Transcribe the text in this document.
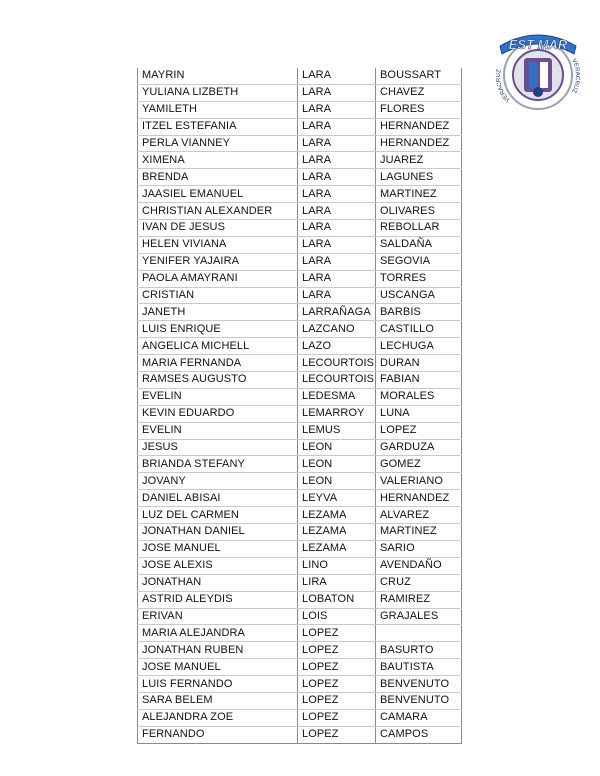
VERACRUZ
VERACRUZ
EST MAR
MAYRIN	LARA	BOUSSART
YULIANA LIZBETH	LARA	CHAVEZ
YAMILETH	LARA	FLORES
ITZEL ESTEFANIA	LARA	HERNANDEZ
PERLA VIANNEY	LARA	HERNANDEZ
XIMENA	LARA	JUAREZ
BRENDA	LARA	LAGUNES
JAASIEL EMANUEL	LARA	MARTINEZ
CHRISTIAN ALEXANDER	LARA	OLIVARES
IVAN DE JESUS	LARA	REBOLLAR
HELEN VIVIANA	LARA	SALDAÑA
YENIFER YAJAIRA	LARA	SEGOVIA
PAOLA AMAYRANI	LARA	TORRES
CRISTIAN	LARA	USCANGA
JANETH	LARRAÑAGA	BARBIS
LUIS ENRIQUE	LAZCANO	CASTILLO
ANGELICA MICHELL	LAZO	LECHUGA
MARIA FERNANDA	LECOURTOIS	DURAN
RAMSES AUGUSTO	LECOURTOIS	FABIAN
EVELIN	LEDESMA	MORALES
KEVIN EDUARDO	LEMARROY	LUNA
EVELIN	LEMUS	LOPEZ
JESUS	LEON	GARDUZA
BRIANDA STEFANY	LEON	GOMEZ
JOVANY	LEON	VALERIANO
DANIEL ABISAI	LEYVA	HERNANDEZ
LUZ DEL CARMEN	LEZAMA	ALVAREZ
JONATHAN DANIEL	LEZAMA	MARTINEZ
JOSE MANUEL	LEZAMA	SARIO
JOSE ALEXIS	LINO	AVENDAÑO
JONATHAN	LIRA	CRUZ
ASTRID ALEYDIS	LOBATON	RAMIREZ
ERIVAN	LOIS	GRAJALES
MARIA ALEJANDRA	LOPEZ	
JONATHAN RUBEN	LOPEZ	BASURTO
JOSE MANUEL	LOPEZ	BAUTISTA
LUIS FERNANDO	LOPEZ	BENVENUTO
SARA BELEM	LOPEZ	BENVENUTO
ALEJANDRA ZOE	LOPEZ	CAMARA
FERNANDO	LOPEZ	CAMPOS
